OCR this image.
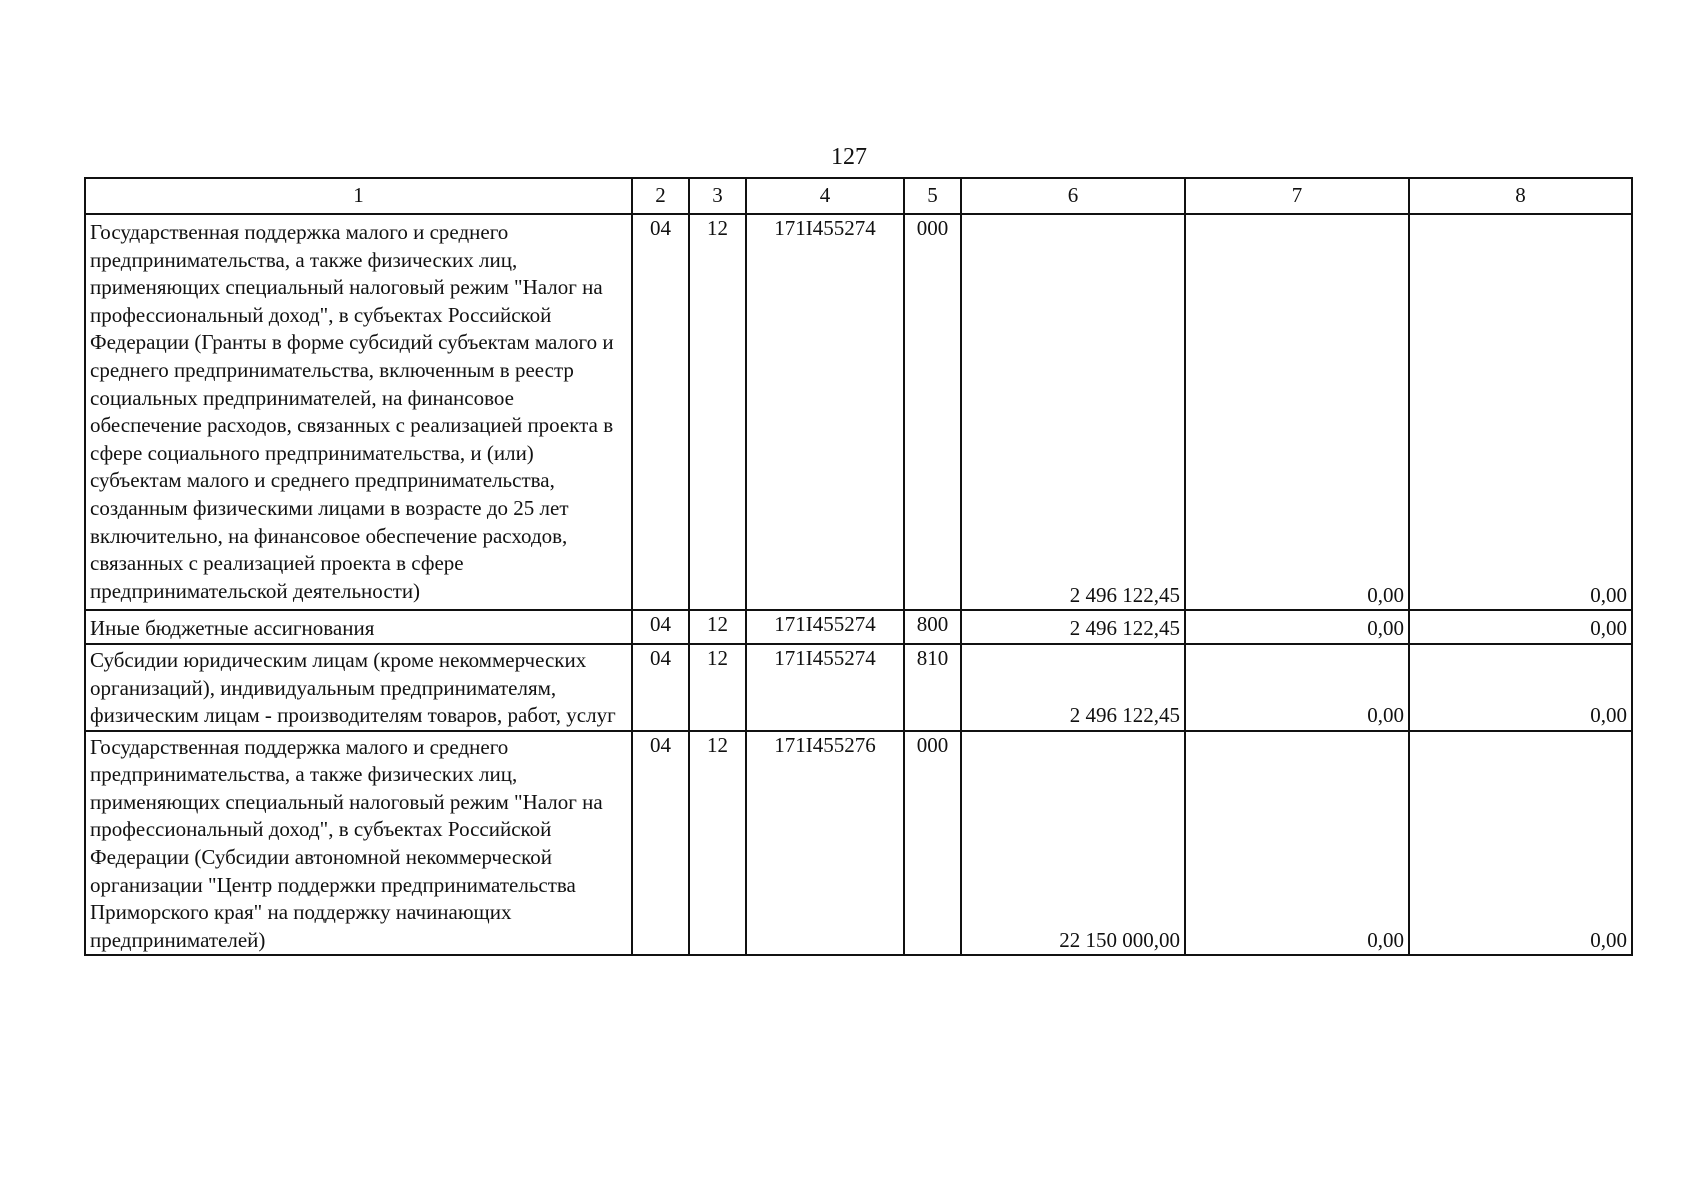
127
1	2	3	4	5	6	7	8
Государственная поддержка малого и среднего предпринимательства, а также физических лиц, применяющих специальный налоговый режим "Налог на профессиональный доход", в субъектах Российской Федерации (Гранты в форме субсидий субъектам малого и среднего предпринимательства, включенным в реестр социальных предпринимателей, на финансовое обеспечение расходов, связанных с реализацией проекта в сфере социального предпринимательства, и (или) субъектам малого и среднего предпринимательства, созданным физическими лицами в возрасте до 25 лет включительно, на финансовое обеспечение расходов, связанных с реализацией проекта в сфере предпринимательской деятельности)	04	12	171I455274	000	2 496 122,45	0,00	0,00
Иные бюджетные ассигнования	04	12	171I455274	800	2 496 122,45	0,00	0,00
Субсидии юридическим лицам (кроме некоммерческих организаций), индивидуальным предпринимателям, физическим лицам - производителям товаров, работ, услуг	04	12	171I455274	810	2 496 122,45	0,00	0,00
Государственная поддержка малого и среднего предпринимательства, а также физических лиц, применяющих специальный налоговый режим "Налог на профессиональный доход", в субъектах Российской Федерации (Субсидии автономной некоммерческой организации "Центр поддержки предпринимательства Приморского края" на поддержку начинающих предпринимателей)	04	12	171I455276	000	22 150 000,00	0,00	0,00
